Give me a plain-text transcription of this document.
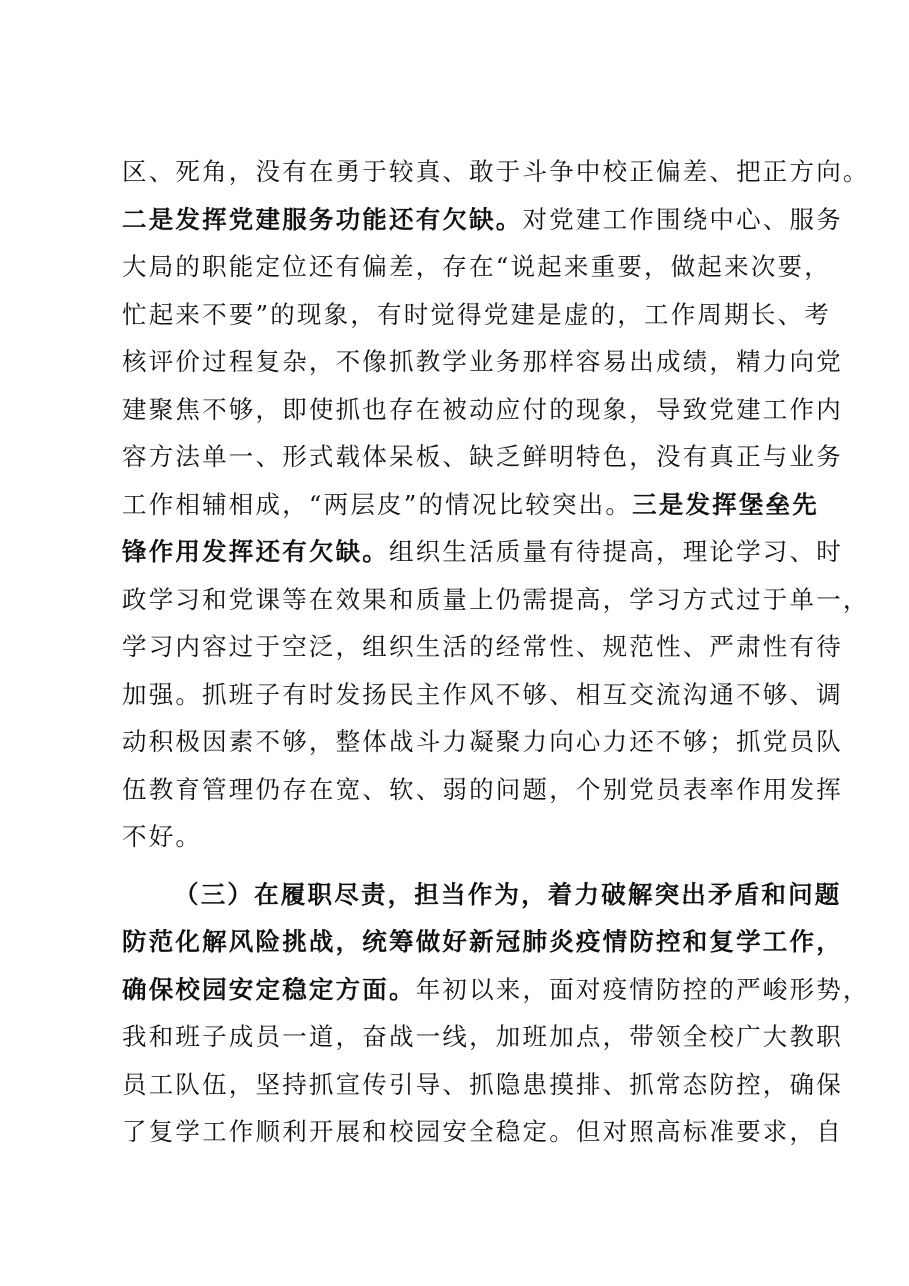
区、死角，没有在勇于较真、敢于斗争中校正偏差、把正方向。
二是发挥党建服务功能还有欠缺。对党建工作围绕中心、服务
大局的职能定位还有偏差，存在“说起来重要，做起来次要，
忙起来不要”的现象，有时觉得党建是虚的，工作周期长、考
核评价过程复杂，不像抓教学业务那样容易出成绩，精力向党
建聚焦不够，即使抓也存在被动应付的现象，导致党建工作内
容方法单一、形式载体呆板、缺乏鲜明特色，没有真正与业务
工作相辅相成，“两层皮”的情况比较突出。三是发挥堡垒先
锋作用发挥还有欠缺。组织生活质量有待提高，理论学习、时
政学习和党课等在效果和质量上仍需提高，学习方式过于单一，
学习内容过于空泛，组织生活的经常性、规范性、严肃性有待
加强。抓班子有时发扬民主作风不够、相互交流沟通不够、调
动积极因素不够，整体战斗力凝聚力向心力还不够；抓党员队
伍教育管理仍存在宽、软、弱的问题，个别党员表率作用发挥
不好。
（三）在履职尽责，担当作为，着力破解突出矛盾和问题
防范化解风险挑战，统筹做好新冠肺炎疫情防控和复学工作，
确保校园安定稳定方面。年初以来，面对疫情防控的严峻形势，
我和班子成员一道，奋战一线，加班加点，带领全校广大教职
员工队伍，坚持抓宣传引导、抓隐患摸排、抓常态防控，确保
了复学工作顺利开展和校园安全稳定。但对照高标准要求，自
